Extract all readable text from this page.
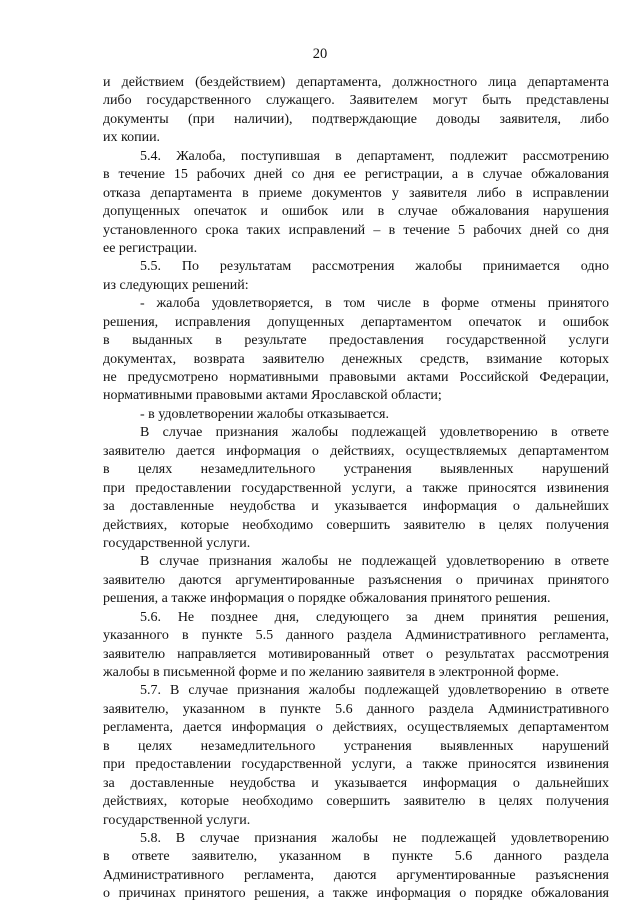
20
и действием (бездействием) департамента, должностного лица департамента
либо государственного служащего. Заявителем могут быть представлены
документы (при наличии), подтверждающие доводы заявителя, либо
их копии.
5.4. Жалоба, поступившая в департамент, подлежит рассмотрению
в течение 15 рабочих дней со дня ее регистрации, а в случае обжалования
отказа департамента в приеме документов у заявителя либо в исправлении
допущенных опечаток и ошибок или в случае обжалования нарушения
установленного срока таких исправлений – в течение 5 рабочих дней со дня
ее регистрации.
5.5. По результатам рассмотрения жалобы принимается одно
из следующих решений:
- жалоба удовлетворяется, в том числе в форме отмены принятого
решения, исправления допущенных департаментом опечаток и ошибок
в выданных в результате предоставления государственной услуги
документах, возврата заявителю денежных средств, взимание которых
не предусмотрено нормативными правовыми актами Российской Федерации,
нормативными правовыми актами Ярославской области;
- в удовлетворении жалобы отказывается.
В случае признания жалобы подлежащей удовлетворению в ответе
заявителю дается информация о действиях, осуществляемых департаментом
в целях незамедлительного устранения выявленных нарушений
при предоставлении государственной услуги, а также приносятся извинения
за доставленные неудобства и указывается информация о дальнейших
действиях, которые необходимо совершить заявителю в целях получения
государственной услуги.
В случае признания жалобы не подлежащей удовлетворению в ответе
заявителю даются аргументированные разъяснения о причинах принятого
решения, а также информация о порядке обжалования принятого решения.
5.6. Не позднее дня, следующего за днем принятия решения,
указанного в пункте 5.5 данного раздела Административного регламента,
заявителю направляется мотивированный ответ о результатах рассмотрения
жалобы в письменной форме и по желанию заявителя в электронной форме.
5.7. В случае признания жалобы подлежащей удовлетворению в ответе
заявителю, указанном в пункте 5.6 данного раздела Административного
регламента, дается информация о действиях, осуществляемых департаментом
в целях незамедлительного устранения выявленных нарушений
при предоставлении государственной услуги, а также приносятся извинения
за доставленные неудобства и указывается информация о дальнейших
действиях, которые необходимо совершить заявителю в целях получения
государственной услуги.
5.8. В случае признания жалобы не подлежащей удовлетворению
в ответе заявителю, указанном в пункте 5.6 данного раздела
Административного регламента, даются аргументированные разъяснения
о причинах принятого решения, а также информация о порядке обжалования
